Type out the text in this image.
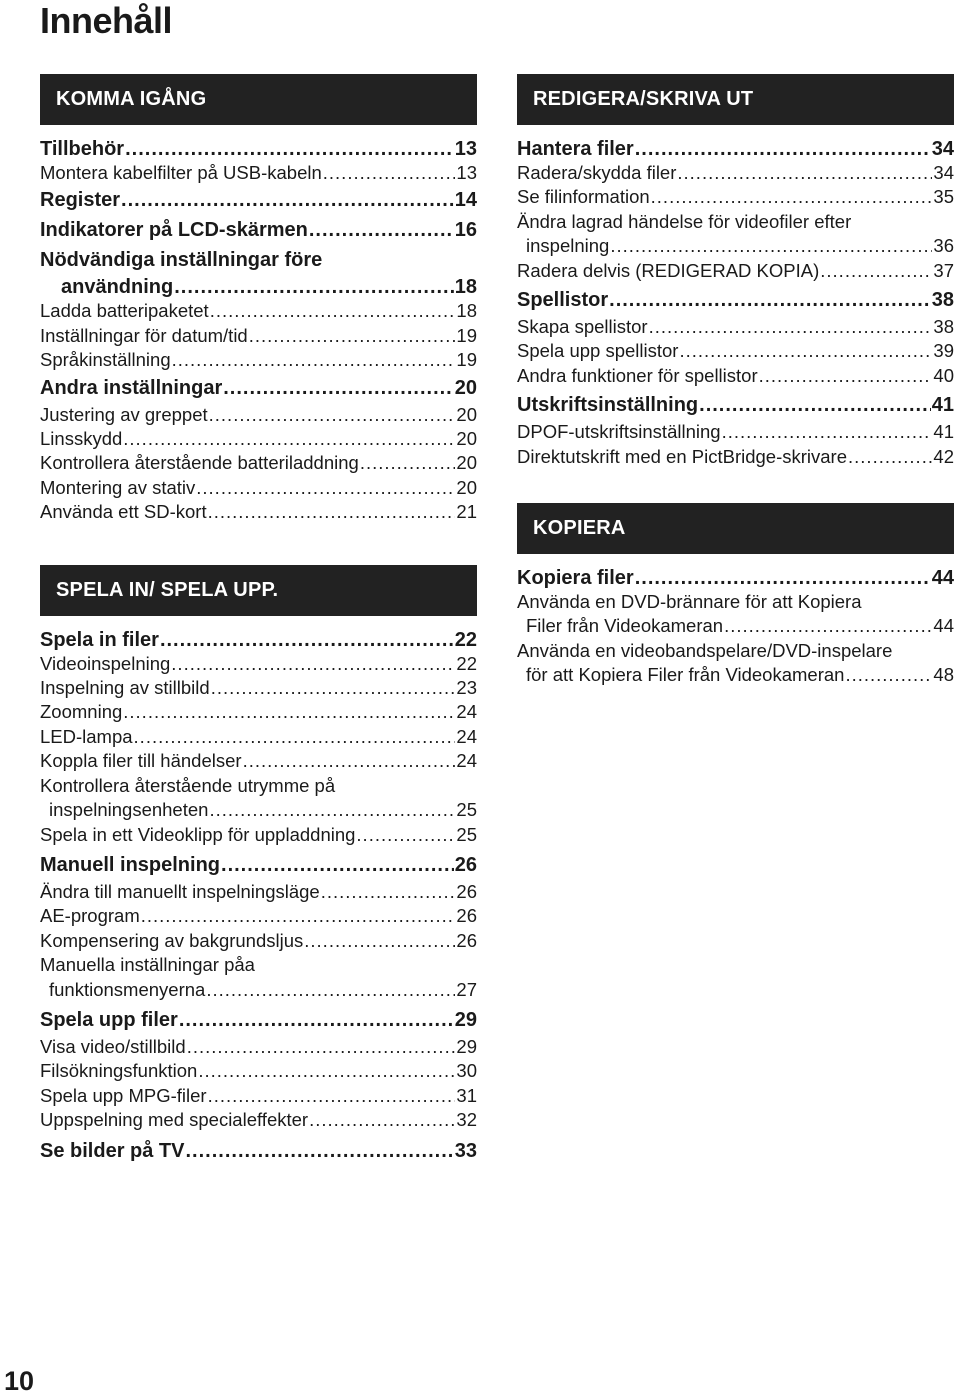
Innehåll
KOMMA IGÅNG
Tillbehör .....	13
Montera kabelfilter på USB-kabeln .....	13
Register .....	14
Indikatorer på LCD-skärmen .....	16
Nödvändiga inställningar före
användning .....	18
Ladda batteripaketet .....	18
Inställningar för datum/tid .....	19
Språkinställning .....	19
Andra inställningar .....	20
Justering av greppet .....	20
Linsskydd .....	20
Kontrollera återstående batteriladdning .....	20
Montering av stativ .....	20
Använda ett SD-kort .....	21
SPELA IN/ SPELA UPP.
Spela in filer .....	22
Videoinspelning .....	22
Inspelning av stillbild .....	23
Zoomning .....	24
LED-lampa .....	24
Koppla filer till händelser .....	24
Kontrollera återstående utrymme på
inspelningsenheten .....	25
Spela in ett Videoklipp för uppladdning .....	25
Manuell inspelning .....	26
Ändra till manuellt inspelningsläge .....	26
AE-program .....	26
Kompensering av bakgrundsljus .....	26
Manuella inställningar påa
funktionsmenyerna .....	27
Spela upp filer .....	29
Visa video/stillbild .....	29
Filsökningsfunktion .....	30
Spela upp MPG-filer .....	31
Uppspelning med specialeffekter .....	32
Se bilder på TV .....	33
REDIGERA/SKRIVA UT
Hantera filer .....	34
Radera/skydda filer .....	34
Se filinformation .....	35
Ändra lagrad händelse för videofiler efter
inspelning .....	36
Radera delvis (REDIGERAD KOPIA) .....	37
Spellistor .....	38
Skapa spellistor .....	38
Spela upp spellistor .....	39
Andra funktioner för spellistor .....	40
Utskriftsinställning .....	41
DPOF-utskriftsinställning .....	41
Direktutskrift med en PictBridge-skrivare .....	42
KOPIERA
Kopiera filer .....	44
Använda en DVD-brännare för att Kopiera
Filer från Videokameran .....	44
Använda en videobandspelare/DVD-inspelare
för att Kopiera Filer från Videokameran .....	48
10
